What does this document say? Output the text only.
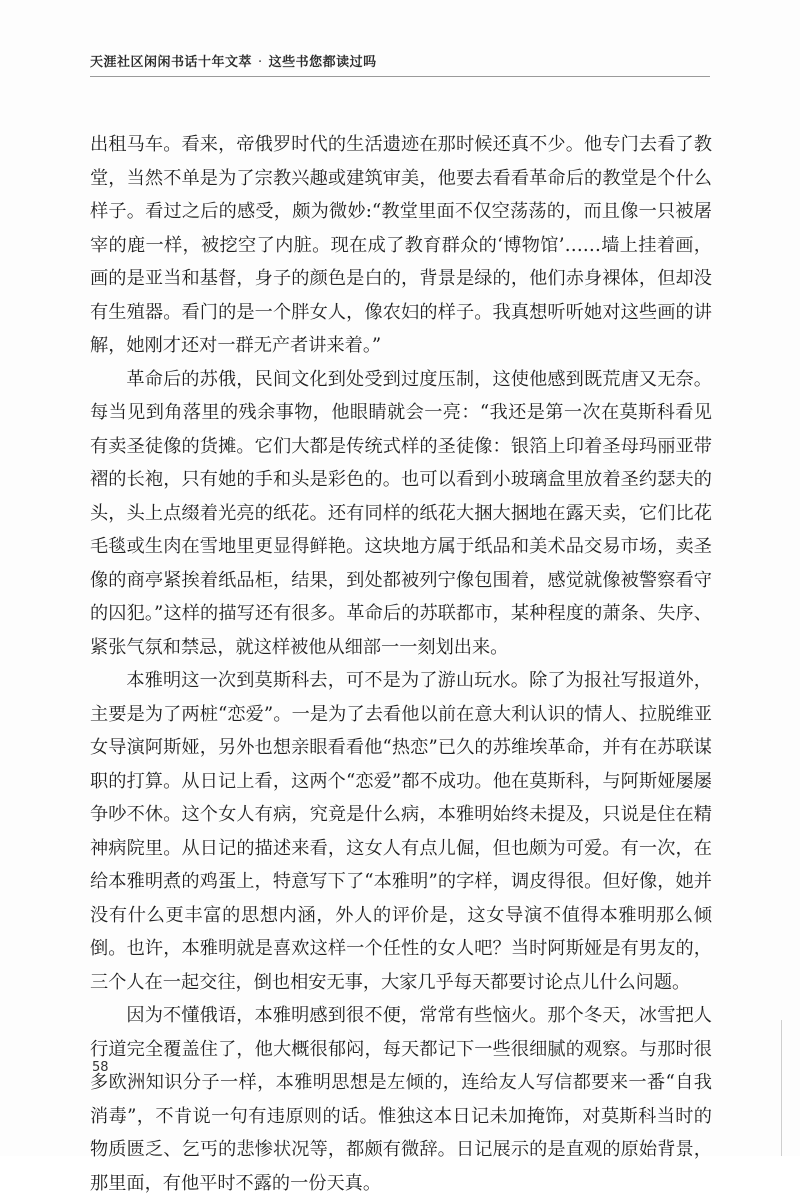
天涯社区闲闲书话十年文萃 · 这些书您都读过吗

出租马车。看来，帝俄罗时代的生活遗迹在那时候还真不少。他专门去看了教堂，当然不单是为了宗教兴趣或建筑审美，他要去看看革命后的教堂是个什么样子。看过之后的感受，颇为微妙:“教堂里面不仅空荡荡的，而且像一只被屠宰的鹿一样，被挖空了内脏。现在成了教育群众的‘博物馆’……墙上挂着画，画的是亚当和基督，身子的颜色是白的，背景是绿的，他们赤身裸体，但却没有生殖器。看门的是一个胖女人，像农妇的样子。我真想听听她对这些画的讲解，她刚才还对一群无产者讲来着。”

革命后的苏俄，民间文化到处受到过度压制，这使他感到既荒唐又无奈。每当见到角落里的残余事物，他眼睛就会一亮：“我还是第一次在莫斯科看见有卖圣徒像的货摊。它们大都是传统式样的圣徒像：银箔上印着圣母玛丽亚带褶的长袍，只有她的手和头是彩色的。也可以看到小玻璃盒里放着圣约瑟夫的头，头上点缀着光亮的纸花。还有同样的纸花大捆大捆地在露天卖，它们比花毛毯或生肉在雪地里更显得鲜艳。这块地方属于纸品和美术品交易市场，卖圣像的商亭紧挨着纸品柜，结果，到处都被列宁像包围着，感觉就像被警察看守的囚犯。”这样的描写还有很多。革命后的苏联都市，某种程度的萧条、失序、紧张气氛和禁忌，就这样被他从细部一一刻划出来。

本雅明这一次到莫斯科去，可不是为了游山玩水。除了为报社写报道外，主要是为了两桩“恋爱”。一是为了去看他以前在意大利认识的情人、拉脱维亚女导演阿斯娅，另外也想亲眼看看他“热恋”已久的苏维埃革命，并有在苏联谋职的打算。从日记上看，这两个“恋爱”都不成功。他在莫斯科，与阿斯娅屡屡争吵不休。这个女人有病，究竟是什么病，本雅明始终未提及，只说是住在精神病院里。从日记的描述来看，这女人有点儿倔，但也颇为可爱。有一次，在给本雅明煮的鸡蛋上，特意写下了“本雅明”的字样，调皮得很。但好像，她并没有什么更丰富的思想内涵，外人的评价是，这女导演不值得本雅明那么倾倒。也许，本雅明就是喜欢这样一个任性的女人吧？当时阿斯娅是有男友的，三个人在一起交往，倒也相安无事，大家几乎每天都要讨论点儿什么问题。

因为不懂俄语，本雅明感到很不便，常常有些恼火。那个冬天，冰雪把人行道完全覆盖住了，他大概很郁闷，每天都记下一些很细腻的观察。与那时很多欧洲知识分子一样，本雅明思想是左倾的，连给友人写信都要来一番“自我消毒”，不肯说一句有违原则的话。惟独这本日记未加掩饰，对莫斯科当时的物质匮乏、乞丐的悲惨状况等，都颇有微辞。日记展示的是直观的原始背景，那里面，有他平时不露的一份天真。

58
